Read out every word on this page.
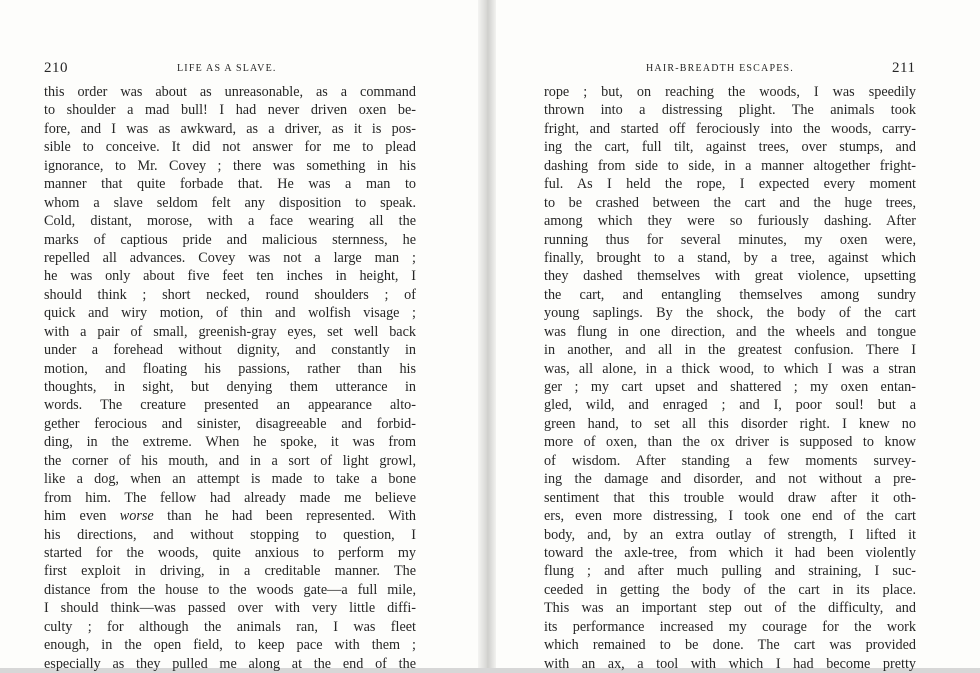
210	LIFE AS A SLAVE.	HAIR-BREADTH ESCAPES.	211
this order was about as unreasonable, as a command
to shoulder a mad bull! I had never driven oxen be-
fore, and I was as awkward, as a driver, as it is pos-
sible to conceive. It did not answer for me to plead
ignorance, to Mr. Covey ; there was something in his
manner that quite forbade that. He was a man to
whom a slave seldom felt any disposition to speak.
Cold, distant, morose, with a face wearing all the
marks of captious pride and malicious sternness, he
repelled all advances. Covey was not a large man ;
he was only about five feet ten inches in height, I
should think ; short necked, round shoulders ; of
quick and wiry motion, of thin and wolfish visage ;
with a pair of small, greenish-gray eyes, set well back
under a forehead without dignity, and constantly in
motion, and floating his passions, rather than his
thoughts, in sight, but denying them utterance in
words. The creature presented an appearance alto-
gether ferocious and sinister, disagreeable and forbid-
ding, in the extreme. When he spoke, it was from
the corner of his mouth, and in a sort of light growl,
like a dog, when an attempt is made to take a bone
from him. The fellow had already made me believe
him even worse than he had been represented. With
his directions, and without stopping to question, I
started for the woods, quite anxious to perform my
first exploit in driving, in a creditable manner. The
distance from the house to the woods gate—a full mile,
I should think—was passed over with very little diffi-
culty ; for although the animals ran, I was fleet
enough, in the open field, to keep pace with them ;
especially as they pulled me along at the end of the
rope ; but, on reaching the woods, I was speedily
thrown into a distressing plight. The animals took
fright, and started off ferociously into the woods, carry-
ing the cart, full tilt, against trees, over stumps, and
dashing from side to side, in a manner altogether fright-
ful. As I held the rope, I expected every moment
to be crashed between the cart and the huge trees,
among which they were so furiously dashing. After
running thus for several minutes, my oxen were,
finally, brought to a stand, by a tree, against which
they dashed themselves with great violence, upsetting
the cart, and entangling themselves among sundry
young saplings. By the shock, the body of the cart
was flung in one direction, and the wheels and tongue
in another, and all in the greatest confusion. There I
was, all alone, in a thick wood, to which I was a stran
ger ; my cart upset and shattered ; my oxen entan-
gled, wild, and enraged ; and I, poor soul! but a
green hand, to set all this disorder right. I knew no
more of oxen, than the ox driver is supposed to know
of wisdom. After standing a few moments survey-
ing the damage and disorder, and not without a pre-
sentiment that this trouble would draw after it oth-
ers, even more distressing, I took one end of the cart
body, and, by an extra outlay of strength, I lifted it
toward the axle-tree, from which it had been violently
flung ; and after much pulling and straining, I suc-
ceeded in getting the body of the cart in its place.
This was an important step out of the difficulty, and
its performance increased my courage for the work
which remained to be done. The cart was provided
with an ax, a tool with which I had become pretty
